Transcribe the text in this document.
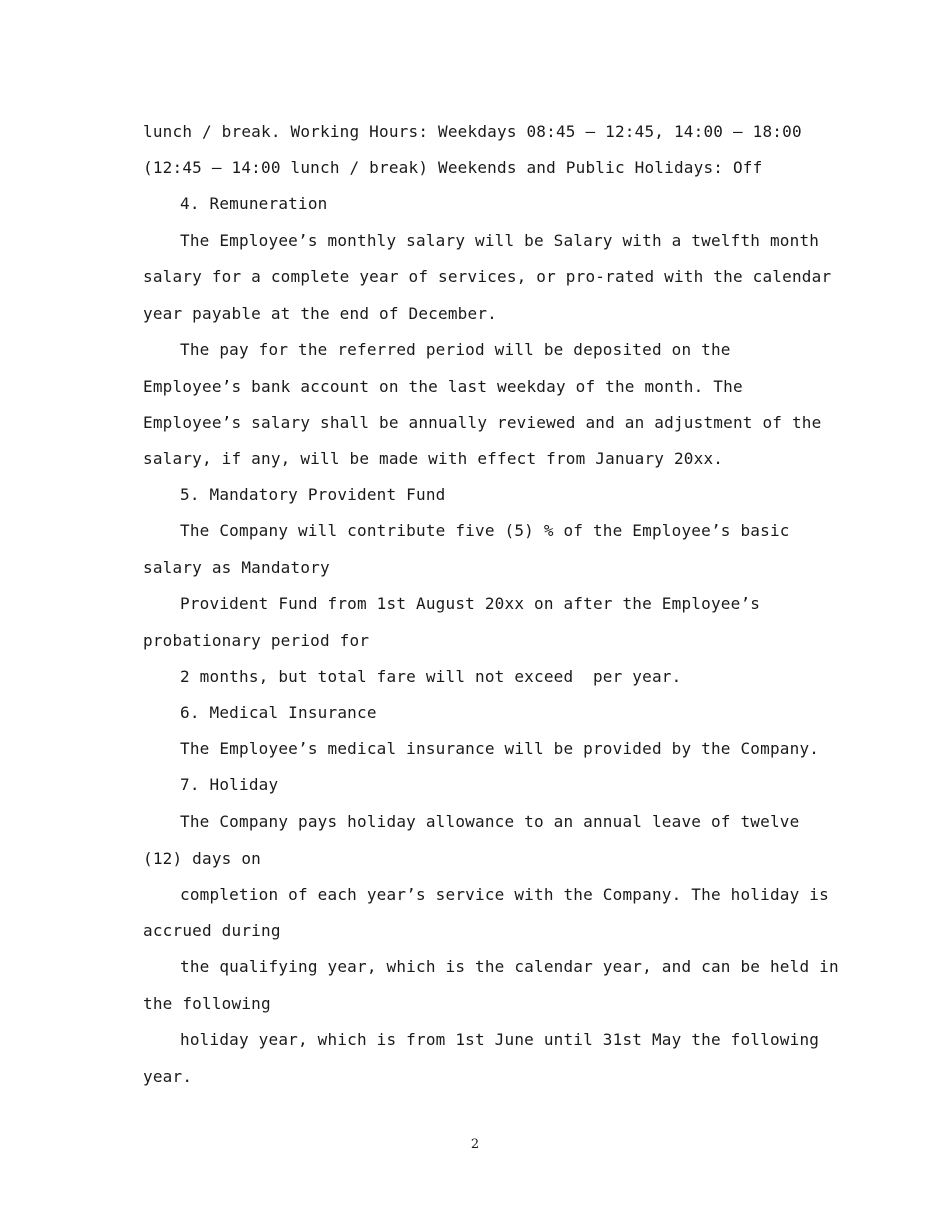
lunch / break. Working Hours: Weekdays 08:45 – 12:45, 14:00 – 18:00
(12:45 – 14:00 lunch / break) Weekends and Public Holidays: Off
4. Remuneration
The Employee’s monthly salary will be Salary with a twelfth month
salary for a complete year of services, or pro-rated with the calendar
year payable at the end of December.
The pay for the referred period will be deposited on the
Employee’s bank account on the last weekday of the month. The
Employee’s salary shall be annually reviewed and an adjustment of the
salary, if any, will be made with effect from January 20xx.
5. Mandatory Provident Fund
The Company will contribute five (5) % of the Employee’s basic
salary as Mandatory
Provident Fund from 1st August 20xx on after the Employee’s
probationary period for
2 months, but total fare will not exceed  per year.
6. Medical Insurance
The Employee’s medical insurance will be provided by the Company.
7. Holiday
The Company pays holiday allowance to an annual leave of twelve
(12) days on
completion of each year’s service with the Company. The holiday is
accrued during
the qualifying year, which is the calendar year, and can be held in
the following
holiday year, which is from 1st June until 31st May the following
year.
2
